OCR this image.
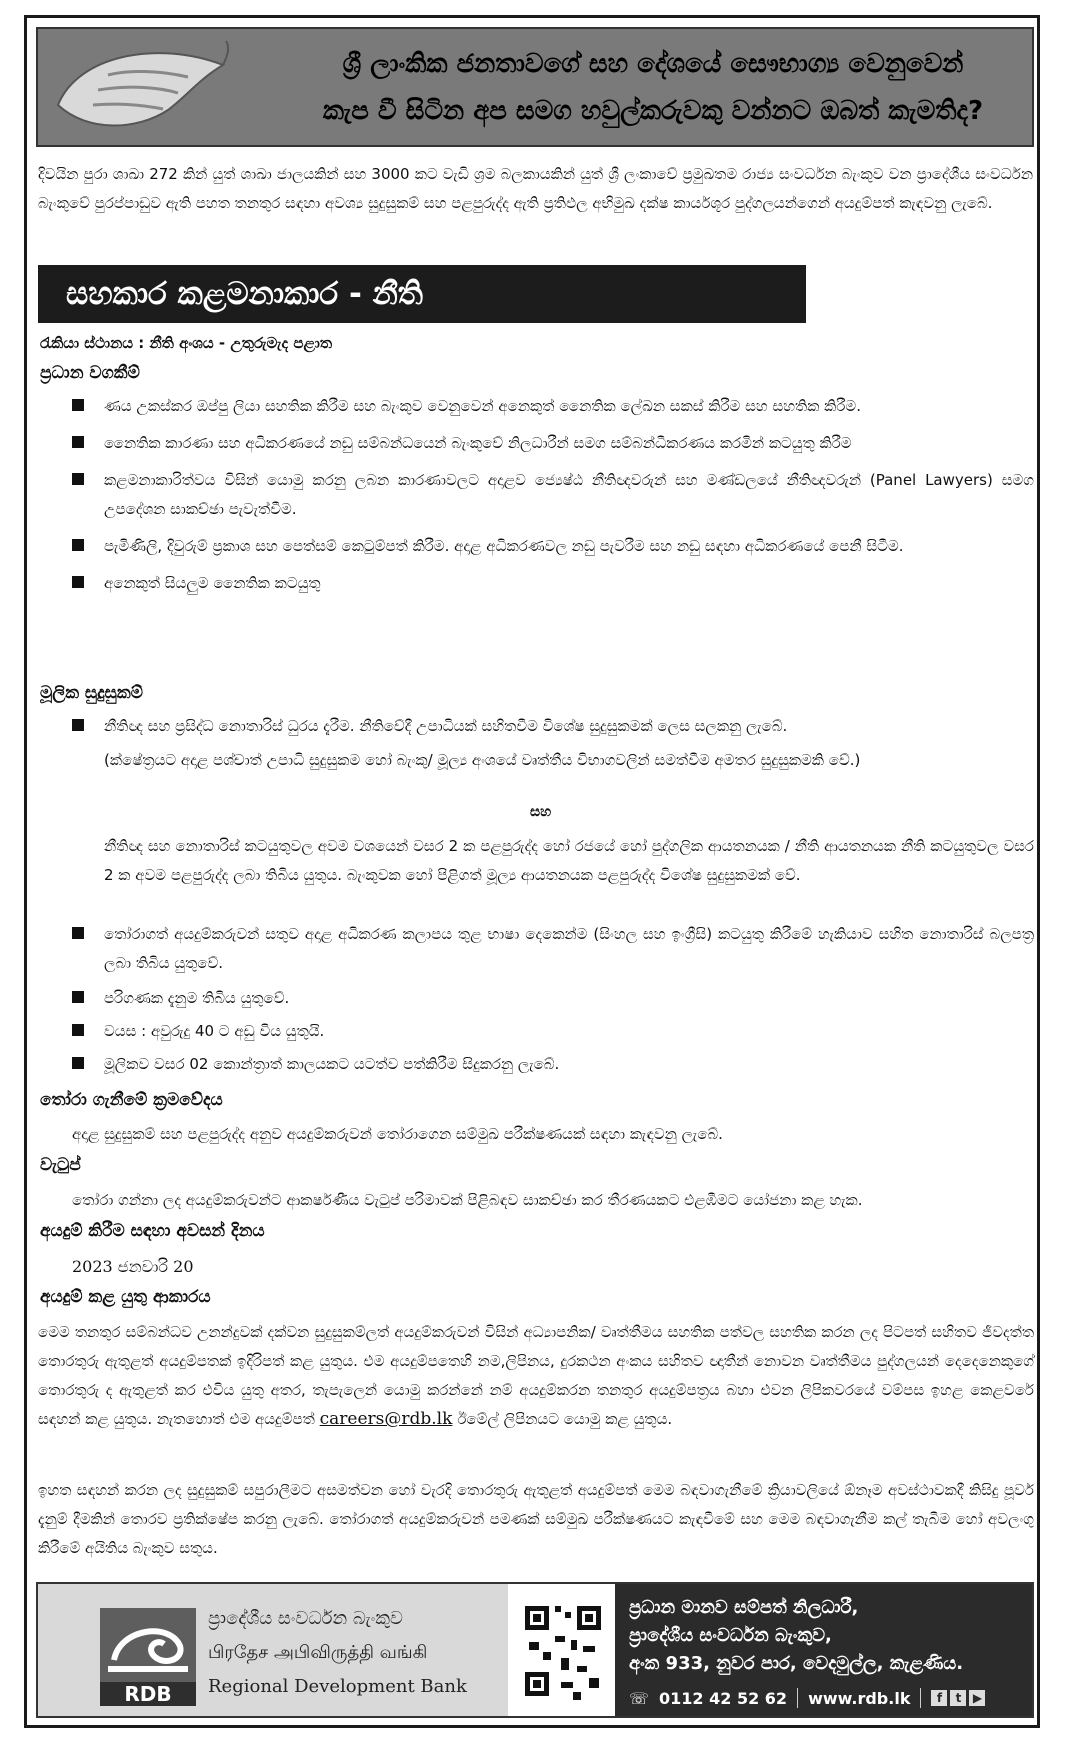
ශ්‍රී ලාංකික ජනතාවගේ සහ දේශයේ සෞභාග්‍ය වෙනුවෙන්
කැප වී සිටින අප සමග හවුල්කරුවකු වන්නට ඔබත් කැමතිද?
දිවයින පුරා ශාඛා 272 කින් යුත් ශාඛා ජාලයකින් සහ 3000 කට වැඩි ශ්‍රම බලකායකින් යුත් ශ්‍රී ලංකාවේ ප්‍රමුඛතම රාජ්‍ය සංවර්ධන බැංකුව වන ප්‍රාදේශීය සංවර්ධන බැංකුවේ පුරප්පාඩුව ඇති පහත තනතුර සඳහා අවශ්‍ය සුදුසුකම් සහ පළපුරුද්ද ඇති ප්‍රතිඵල අභිමුඛ දක්ෂ කාර්යශූර පුද්ගලයන්ගෙන් අයදුම්පත් කැඳවනු ලැබේ.
සහකාර කළමනාකාර - නීති
රැකියා ස්ථානය : නීති අංශය - උතුරුමැද පළාත
ප්‍රධාන වගකීම්
ණය උකස්කර ඔප්පු ලියා සහතික කිරීම සහ බැංකුව වෙනුවෙන් අනෙකුත් නෛතික ලේඛන සකස් කිරීම සහ සහතික කිරීම.
නෛතික කාරණා සහ අධිකරණයේ නඩු සම්බන්ධයෙන් බැංකුවේ නිලධාරීන් සමග සම්බන්ධීකරණය කරමින් කටයුතු කිරීම
කළමනාකාරිත්වය විසින් යොමු කරනු ලබන කාරණාවලට අදාළව ජ්‍යෙෂ්ඨ නීතිඥවරුන් සහ මණ්ඩලයේ නීතිඥවරුන් (Panel Lawyers) සමග උපදේශන සාකච්ඡා පැවැත්වීම.
පැමිණිලි, දිවුරුම් ප්‍රකාශ සහ පෙත්සම් කෙටුම්පත් කිරීම. අදාළ අධිකරණවල නඩු පැවරීම සහ නඩු සඳහා අධිකරණයේ පෙනී සිටීම.
අනෙකුත් සියලුම නෛතික කටයුතු
මූලික සුදුසුකම්
නීතිඥ සහ ප්‍රසිද්ධ නොතාරිස් ධුරය දැරීම. නීතිවේදී උපාධියක් සහිතවීම විශේෂ සුදුසුකමක් ලෙස සලකනු ලැබේ.
(ක්ෂේත්‍රයට අදාළ පශ්චාත් උපාධි සුදුසුකම හෝ බැංකු/ මූල්‍ය අංශයේ වෘත්තීය විභාගවලින් සමත්වීම අමතර සුදුසුකමකි වේ.)
සහ
නීතිඥ සහ නොතාරිස් කටයුතුවල අවම වශයෙන් වසර 2 ක පළපුරුද්ද හෝ රජයේ හෝ පුද්ගලික ආයතනයක / නීති ආයතනයක නීති කටයුතුවල වසර 2 ක අවම පළපුරුද්ද ලබා තිබිය යුතුය. බැංකුවක හෝ පිළිගත් මූල්‍ය ආයතනයක පළපුරුද්ද විශේෂ සුදුසුකමක් වේ.
තෝරාගත් අයදුම්කරුවන් සතුව අදාළ අධිකරණ කලාපය තුළ භාෂා දෙකෙන්ම (සිංහල සහ ඉංග්‍රීසි) කටයුතු කිරීමේ හැකියාව සහිත නොතාරිස් බලපත්‍ර ලබා තිබිය යුතුවේ.
පරිගණක දැනුම තිබිය යුතුවේ.
වයස : අවුරුදු 40 ට අඩු විය යුතුයි.
මූලිකව වසර 02 කොන්ත්‍රාත් කාලයකට යටත්ව පත්කිරීම සිදුකරනු ලැබේ.
තෝරා ගැනීමේ ක්‍රමවේදය
අදාළ සුදුසුකම් සහ පළපුරුද්ද අනුව අයදුම්කරුවන් තෝරාගෙන සම්මුඛ පරීක්ෂණයක් සඳහා කැඳවනු ලැබේ.
වැටුප්
තෝරා ගන්නා ලද අයදුම්කරුවන්ට ආකර්ෂණීය වැටුප් පරිමාවක් පිළිබඳව සාකච්ඡා කර තීරණයකට එළඹීමට යෝජනා කළ හැක.
අයදුම් කිරීම සඳහා අවසන් දිනය
2023 ජනවාරි 20
අයදුම් කළ යුතු ආකාරය
මෙම තනතුර සම්බන්ධව උනන්දුවක් දක්වන සුදුසුකම්ලත් අයදුම්කරුවන් විසින් අධ්‍යාපනික/ වෘත්තීමය සහතික පත්වල සහතික කරන ලද පිටපත් සහිතව ජීවදත්ත තොරතුරු ඇතුළත් අයදුම්පතක් ඉදිරිපත් කළ යුතුය. එම අයදුම්පතෙහි නම,ලිපිනය, දුරකථන අංකය සහිතව ඥාතීන් නොවන වෘත්තීමය පුද්ගලයන් දෙදෙනෙකුගේ තොරතුරු ද ඇතුළත් කර එවිය යුතු අතර, තැපැලෙන් යොමු කරන්නේ නම් අයදුම්කරන තනතුර අයදුම්පත්‍රය බහා එවන ලිපිකවරයේ වම්පස ඉහළ කෙළවරේ සඳහන් කළ යුතුය. නැතහොත් එම අයදුම්පත් careers@rdb.lk ඊමේල් ලිපිනයට යොමු කළ යුතුය.
ඉහත සඳහන් කරන ලද සුදුසුකම් සපුරාලීමට අසමත්වන හෝ වැරදි තොරතුරු ඇතුළත් අයදුම්පත් මෙම බඳවාගැනීමේ ක්‍රියාවලියේ ඕනෑම අවස්ථාවකදී කිසිදු පූර්ව දැනුම් දීමකින් තොරව ප්‍රතික්ෂේප කරනු ලැබේ. තෝරාගත් අයදුම්කරුවන් පමණක් සම්මුඛ පරීක්ෂණයට කැඳවීමේ සහ මෙම බඳවාගැනීම කල් තැබීම හෝ අවලංගු කිරීමේ අයිතිය බැංකුව සතුය.
RDB
ප්‍රාදේශීය සංවර්ධන බැංකුව
பிரதேச அபிவிருத்தி வங்கி
Regional Development Bank
ප්‍රධාන මානව සම්පත් නිලධාරී,
ප්‍රාදේශීය සංවර්ධන බැංකුව,
අංක 933, නුවර පාර, වෙදමුල්ල, කැළණිය.
☏ 0112 42 52 62 www.rdb.lk	f	t ▶
